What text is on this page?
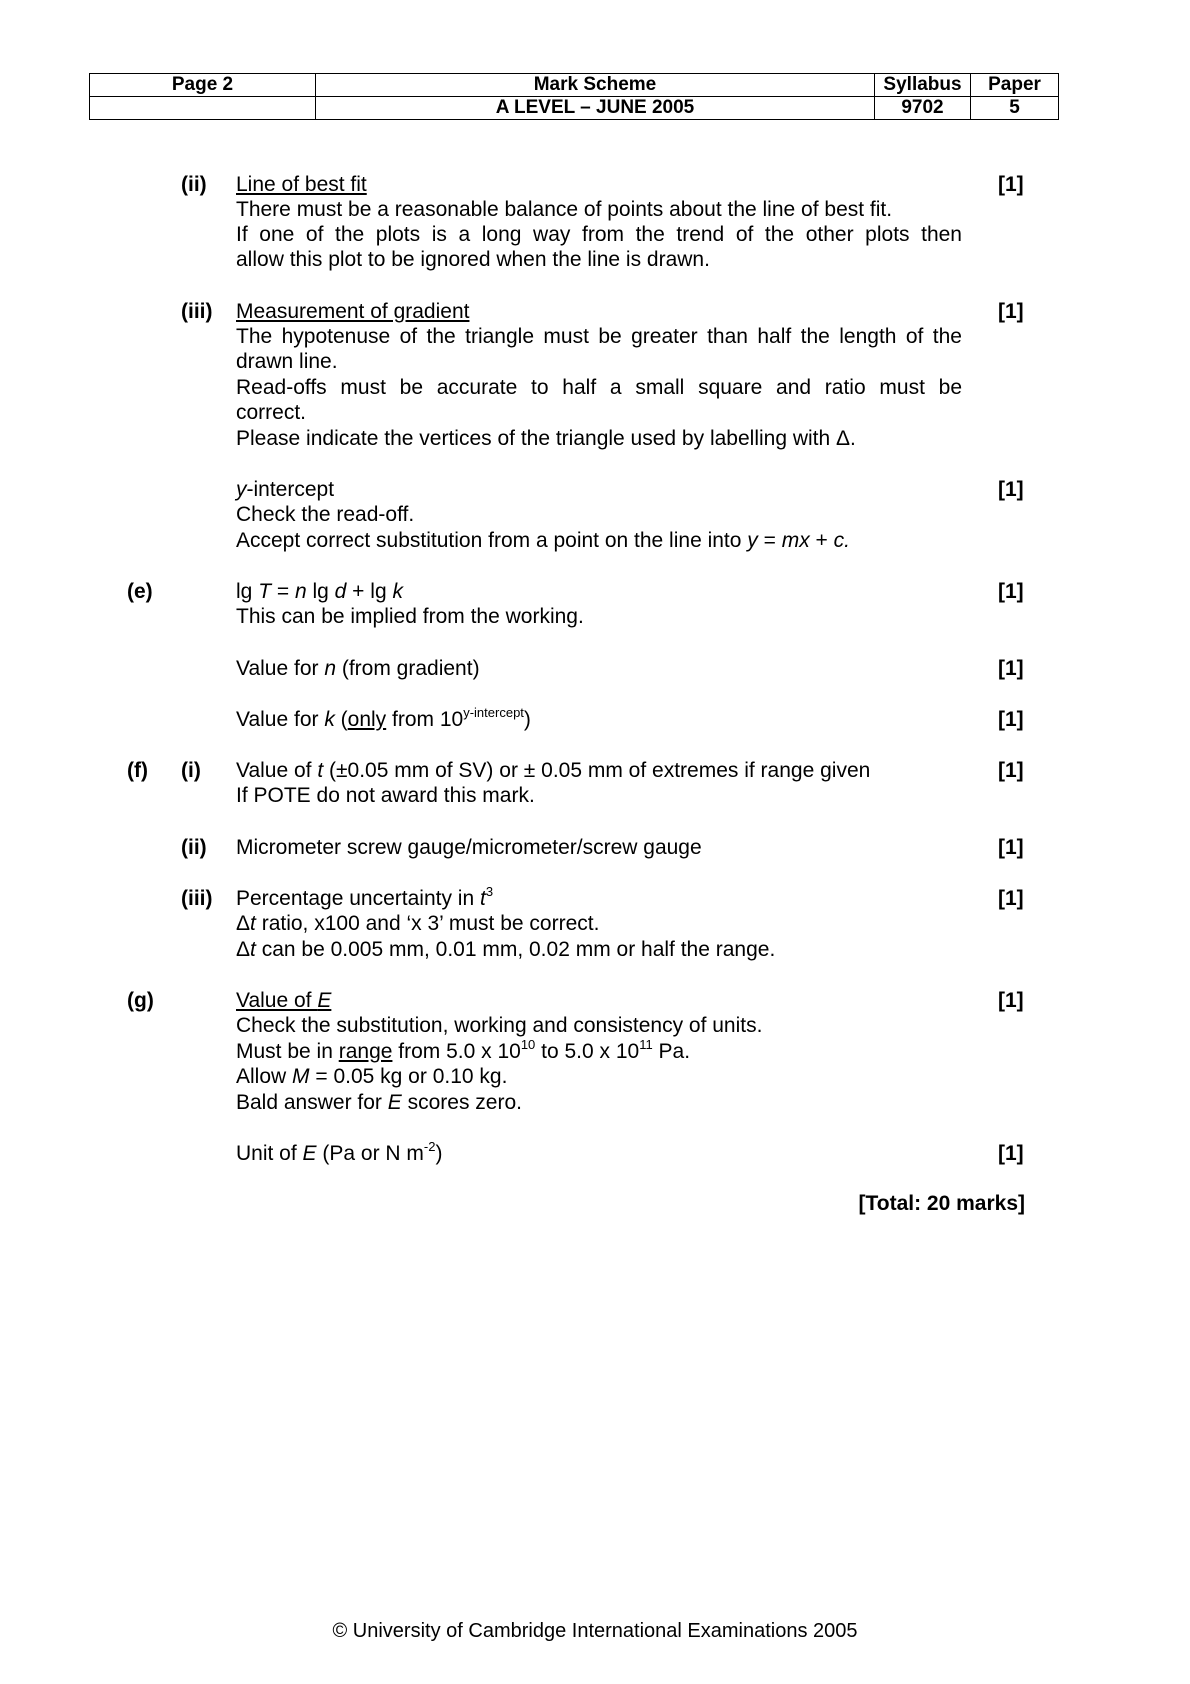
Page 2	Mark Scheme	Syllabus	Paper
	A LEVEL – JUNE 2005	9702	5
(ii) Line of best fit	[1]
There must be a reasonable balance of points about the line of best fit.
If one of the plots is a long way from the trend of the other plots then
allow this plot to be ignored when the line is drawn.
(iii) Measurement of gradient	[1]
The hypotenuse of the triangle must be greater than half the length of the
drawn line.
Read-offs must be accurate to half a small square and ratio must be
correct.
Please indicate the vertices of the triangle used by labelling with Δ.
y-intercept	[1]
Check the read-off.
Accept correct substitution from a point on the line into y = mx + c.
(e)	lg T = n lg d + lg k	[1]
This can be implied from the working.
Value for n (from gradient)	[1]
Value for k (only from $10^{y-intercept}$)	[1]
(f) (i) Value of t (±0.05 mm of SV) or ± 0.05 mm of extremes if range given	[1]
If POTE do not award this mark.
(ii) Micrometer screw gauge/micrometer/screw gauge	[1]
(iii) Percentage uncertainty in $t^3$	[1]
Δt ratio, x100 and ‘x 3’ must be correct.
Δt can be 0.005 mm, 0.01 mm, 0.02 mm or half the range.
(g)	Value of E	[1]
Check the substitution, working and consistency of units.
Must be in range from 5.0 x $10^{10}$ to 5.0 x $10^{11}$ Pa.
Allow M = 0.05 kg or 0.10 kg.
Bald answer for E scores zero.
Unit of E (Pa or N $m^{-2}$)	[1]
[Total: 20 marks]
© University of Cambridge International Examinations 2005
